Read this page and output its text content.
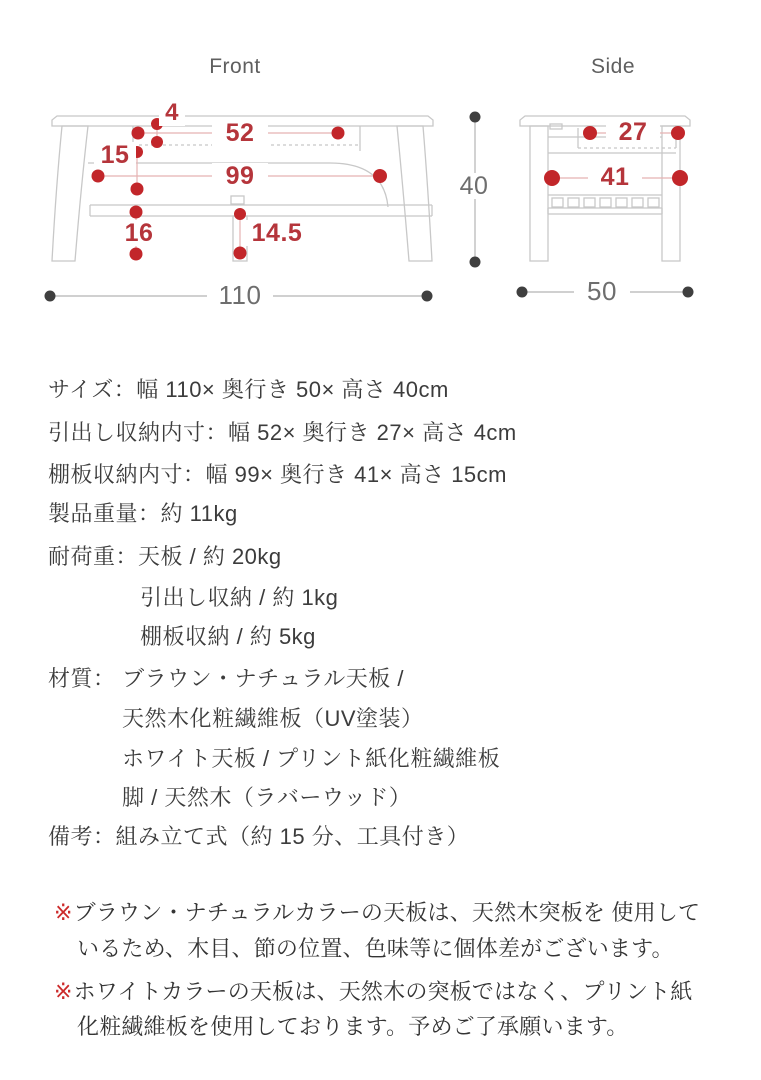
Front	Side
4
52
15
99
16	14.5
27
41
110
40
50
サイズ：幅 110× 奥行き 50× 高さ 40cm
引出し収納内寸：幅 52× 奥行き 27× 高さ 4cm
棚板収納内寸：幅 99× 奥行き 41× 高さ 15cm
製品重量：約 11kg
耐荷重：天板 / 約 20kg
引出し収納 / 約 1kg
棚板収納 / 約 5kg
材質： ブラウン・ナチュラル天板 /
天然木化粧繊維板（UV塗装）
ホワイト天板 / プリント紙化粧繊維板
脚 / 天然木（ラバーウッド）
備考：組み立て式（約 15 分、工具付き）
※ブラウン・ナチュラルカラーの天板は、天然木突板を 使用して
いるため、木目、節の位置、色味等に個体差がございます。
※ホワイトカラーの天板は、天然木の突板ではなく、プリント紙
化粧繊維板を使用しております。予めご了承願います。
